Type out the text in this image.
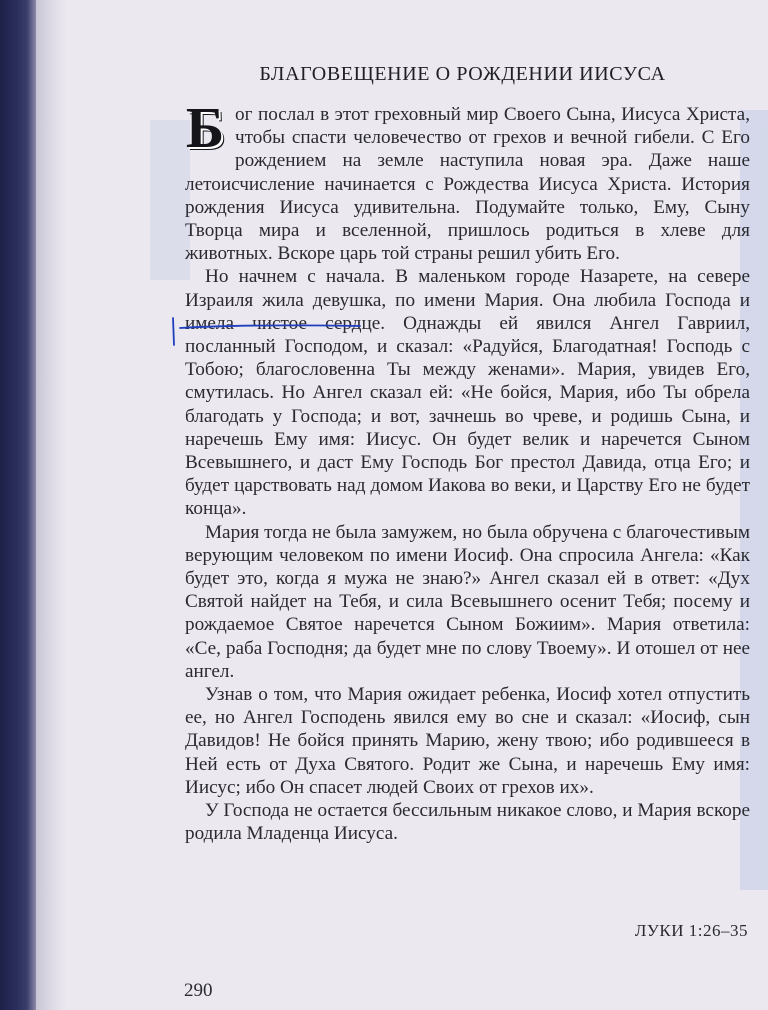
БЛАГОВЕЩЕНИЕ О РОЖДЕНИИ ИИСУСА

Бог послал в этот греховный мир Своего Сына, Иисуса Христа, чтобы спасти человечество от грехов и вечной гибели. С Его рождением на земле наступила новая эра. Даже наше летоисчисление начинается с Рождества Иисуса Христа. История рождения Иисуса удивительна. Подумайте только, Ему, Сыну Творца мира и вселенной, пришлось родиться в хлеве для животных. Вскоре царь той страны решил убить Его.

Но начнем с начала. В маленьком городе Назарете, на севере Израиля жила девушка, по имени Мария. Она любила Господа и имела чистое сердце. Однажды ей явился Ангел Гавриил, посланный Господом, и сказал: «Радуйся, Благодатная! Господь с Тобою; благословенна Ты между женами». Мария, увидев Его, смутилась. Но Ангел сказал ей: «Не бойся, Мария, ибо Ты обрела благодать у Господа; и вот, зачнешь во чреве, и родишь Сына, и наречешь Ему имя: Иисус. Он будет велик и наречется Сыном Всевышнего, и даст Ему Господь Бог престол Давида, отца Его; и будет царствовать над домом Иакова во веки, и Царству Его не будет конца».

Мария тогда не была замужем, но была обручена с благочестивым верующим человеком по имени Иосиф. Она спросила Ангела: «Как будет это, когда я мужа не знаю?» Ангел сказал ей в ответ: «Дух Святой найдет на Тебя, и сила Всевышнего осенит Тебя; посему и рождаемое Святое наречется Сыном Божиим». Мария ответила: «Се, раба Господня; да будет мне по слову Твоему». И отошел от нее ангел.

Узнав о том, что Мария ожидает ребенка, Иосиф хотел отпустить ее, но Ангел Господень явился ему во сне и сказал: «Иосиф, сын Давидов! Не бойся принять Марию, жену твою; ибо родившееся в Ней есть от Духа Святого. Родит же Сына, и наречешь Ему имя: Иисус; ибо Он спасет людей Своих от грехов их».

У Господа не остается бессильным никакое слово, и Мария вскоре родила Младенца Иисуса.

ЛУКИ 1:26–35
290
